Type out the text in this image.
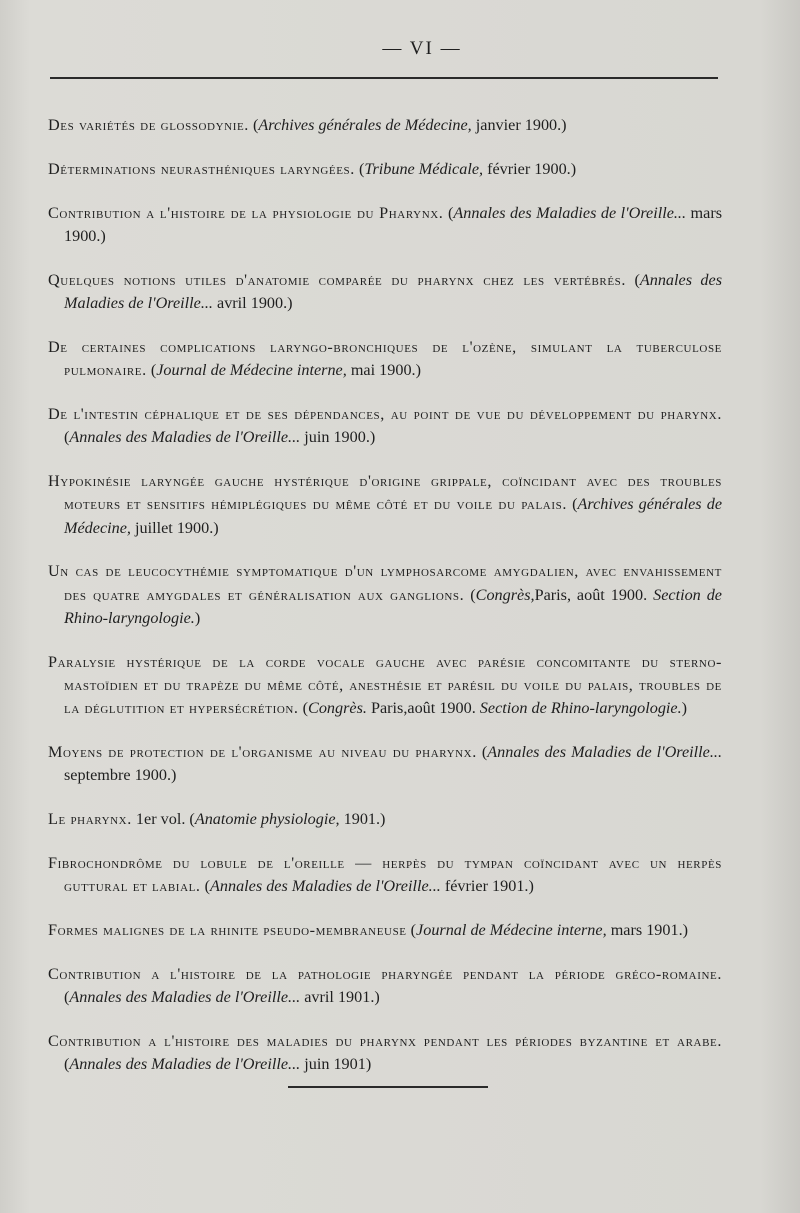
— VI —

Des variétés de glossodynie. (Archives générales de Médecine, janvier 1900.)

Déterminations neurasthéniques laryngées. (Tribune Médicale, février 1900.)

Contribution a l'histoire de la physiologie du Pharynx. (Annales des Maladies de l'Oreille... mars 1900.)

Quelques notions utiles d'anatomie comparée du pharynx chez les vertébrés. (Annales des Maladies de l'Oreille... avril 1900.)

De certaines complications laryngo-bronchiques de l'ozène, simulant la tuberculose pulmonaire. (Journal de Médecine interne, mai 1900.)

De l'intestin céphalique et de ses dépendances, au point de vue du développement du pharynx. (Annales des Maladies de l'Oreille... juin 1900.)

Hypokinésie laryngée gauche hystérique d'origine grippale, coïncidant avec des troubles moteurs et sensitifs hémiplégiques du même côté et du voile du palais. (Archives générales de Médecine, juillet 1900.)

Un cas de leucocythémie symptomatique d'un lymphosarcome amygdalien, avec envahissement des quatre amygdales et généralisation aux ganglions. (Congrès,Paris, août 1900. Section de Rhino-laryngologie.)

Paralysie hystérique de la corde vocale gauche avec parésie concomitante du sterno-mastoïdien et du trapèze du même côté, anesthésie et parésil du voile du palais, troubles de la déglutition et hypersécrétion. (Congrès. Paris,août 1900. Section de Rhino-laryngologie.)

Moyens de protection de l'organisme au niveau du pharynx. (Annales des Maladies de l'Oreille... septembre 1900.)

Le pharynx. 1er vol. (Anatomie physiologie, 1901.)

Fibrochondrôme du lobule de l'oreille — herpès du tympan coïncidant avec un herpès guttural et labial. (Annales des Maladies de l'Oreille... février 1901.)

Formes malignes de la rhinite pseudo-membraneuse (Journal de Médecine interne, mars 1901.)

Contribution a l'histoire de la pathologie pharyngée pendant la période gréco-romaine. (Annales des Maladies de l'Oreille... avril 1901.)

Contribution a l'histoire des maladies du pharynx pendant les périodes byzantine et arabe. (Annales des Maladies de l'Oreille... juin 1901)
